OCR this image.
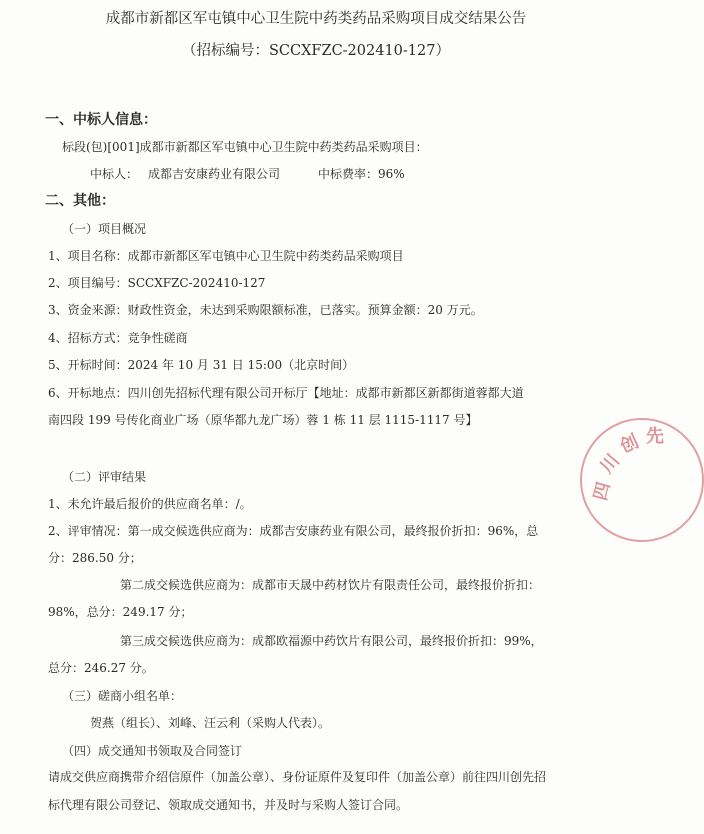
成都市新都区军屯镇中心卫生院中药类药品采购项目成交结果公告
（招标编号：SCCXFZC-202410-127）
一、中标人信息：
标段(包)[001]成都市新都区军屯镇中心卫生院中药类药品采购项目：
中标人： 成都吉安康药业有限公司	中标费率： 96%
二、其他：
（一）项目概况
1、项目名称：成都市新都区军屯镇中心卫生院中药类药品采购项目
2、项目编号：SCCXFZC-202410-127
3、资金来源：财政性资金，未达到采购限额标准，已落实。预算金额：20 万元。
4、招标方式：竞争性磋商
5、开标时间：2024 年 10 月 31 日 15:00（北京时间）
6、开标地点：四川创先招标代理有限公司开标厅【地址：成都市新都区新都街道蓉都大道
南四段 199 号传化商业广场（原华都九龙广场）蓉 1 栋 11 层 1115-1117 号】
（二）评审结果
1、未允许最后报价的供应商名单：/。
2、评审情况：第一成交候选供应商为：成都吉安康药业有限公司，最终报价折扣：96%，总
分：286.50 分；
第二成交候选供应商为：成都市天晟中药材饮片有限责任公司，最终报价折扣：
98%，总分：249.17 分；
第三成交候选供应商为：成都欧福源中药饮片有限公司，最终报价折扣：99%，
总分：246.27 分。
（三）磋商小组名单：
贺燕（组长）、刘峰、汪云利（采购人代表）。
（四）成交通知书领取及合同签订
请成交供应商携带介绍信原件（加盖公章）、身份证原件及复印件（加盖公章）前往四川创先招
标代理有限公司登记、领取成交通知书，并及时与采购人签订合同。
四
川
创 先
